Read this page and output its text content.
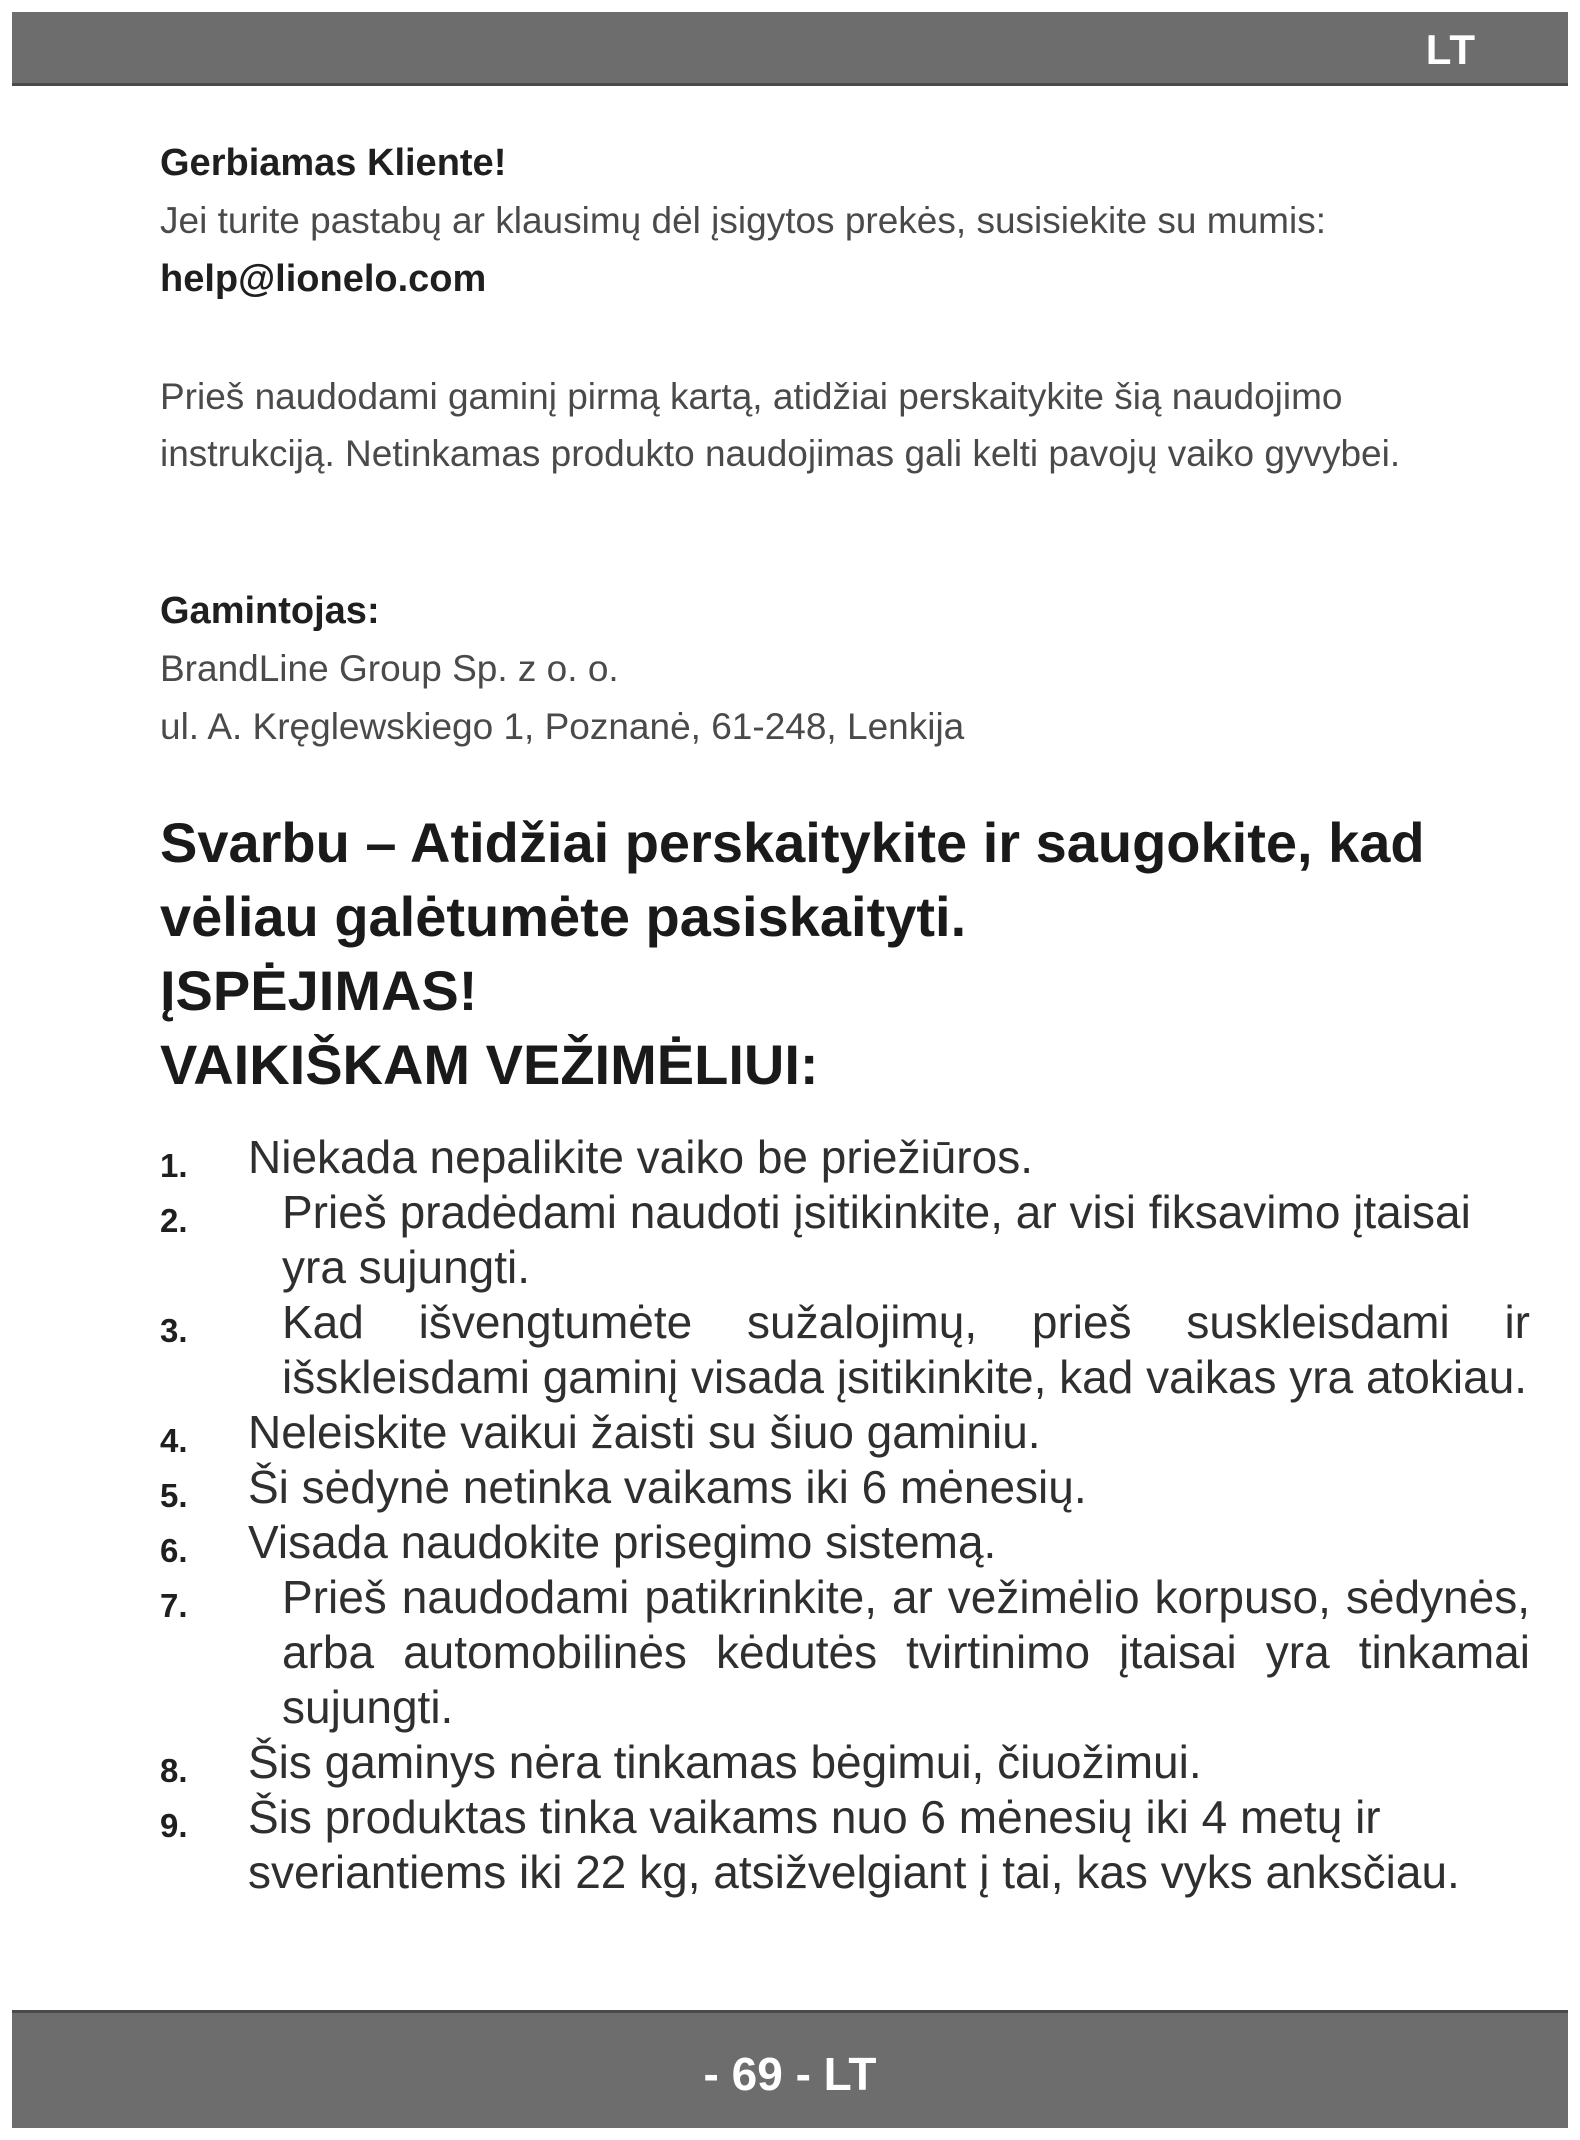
LT
Gerbiamas Kliente!
Jei turite pastabų ar klausimų dėl įsigytos prekės, susisiekite su mumis:
help@lionelo.com
Prieš naudodami gaminį pirmą kartą, atidžiai perskaitykite šią naudojimo instrukciją. Netinkamas produkto naudojimas gali kelti pavojų vaiko gyvybei.
Gamintojas:
BrandLine Group Sp. z o. o.
ul. A. Kręglewskiego 1, Poznanė, 61-248, Lenkija
Svarbu – Atidžiai perskaitykite ir saugokite, kad
vėliau galėtumėte pasiskaityti.
ĮSPĖJIMAS!
VAIKIŠKAM VEŽIMĖLIUI:
1. Niekada nepalikite vaiko be priežiūros.
2.	Prieš pradėdami naudoti įsitikinkite, ar visi fiksavimo įtaisai yra sujungti.
3.	Kad išvengtumėte sužalojimų, prieš suskleisdami ir išskleisdami gaminį visada įsitikinkite, kad vaikas yra atokiau.
4. Neleiskite vaikui žaisti su šiuo gaminiu.
5. Ši sėdynė netinka vaikams iki 6 mėnesių.
6. Visada naudokite prisegimo sistemą.
7.	Prieš naudodami patikrinkite, ar vežimėlio korpuso, sėdynės, arba automobilinės kėdutės tvirtinimo įtaisai yra tinkamai sujungti.
8. Šis gaminys nėra tinkamas bėgimui, čiuožimui.
9. Šis produktas tinka vaikams nuo 6 mėnesių iki 4 metų ir sveriantiems iki 22 kg, atsižvelgiant į tai, kas vyks anksčiau.
- 69 - LT
